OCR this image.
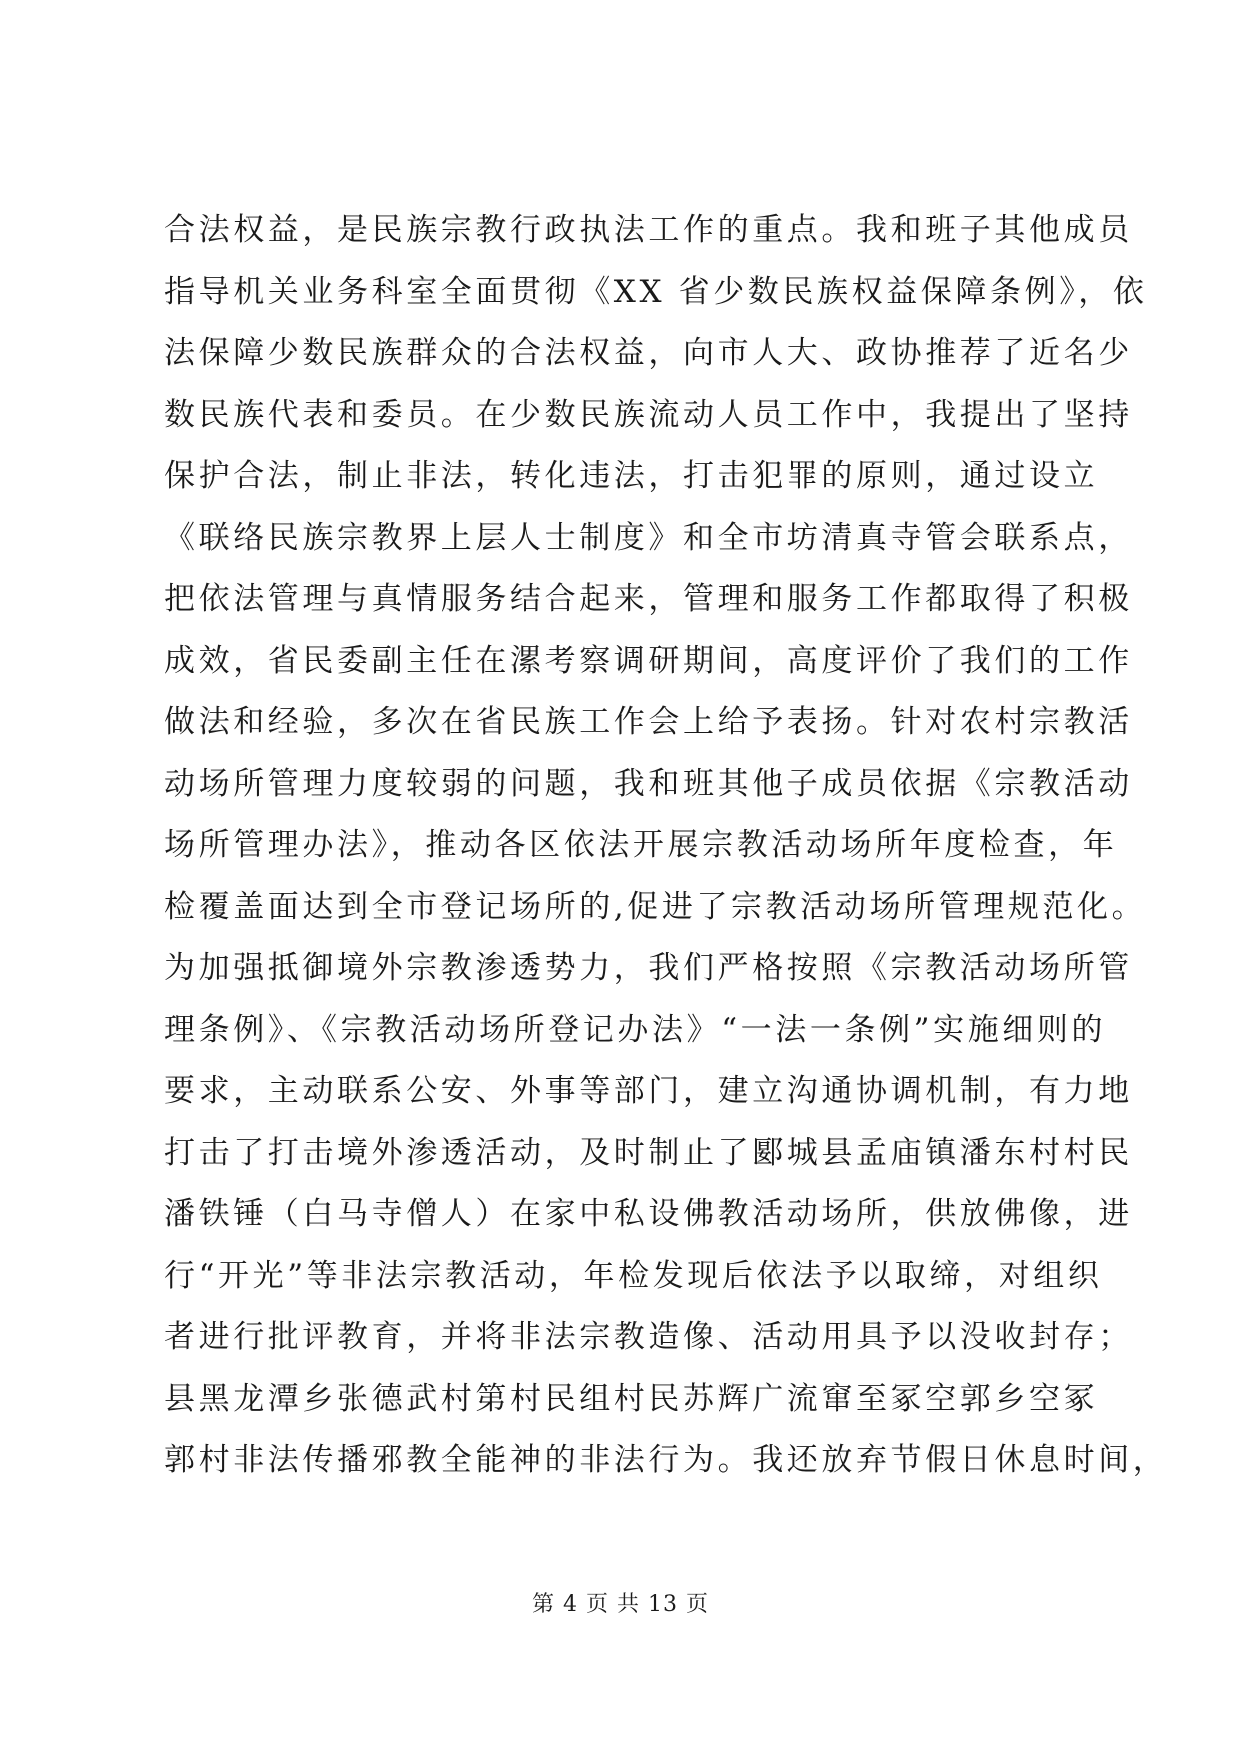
合法权益，是民族宗教行政执法工作的重点。我和班子其他成员
指导机关业务科室全面贯彻《XX 省少数民族权益保障条例》，依
法保障少数民族群众的合法权益，向市人大、政协推荐了近名少
数民族代表和委员。在少数民族流动人员工作中，我提出了坚持
保护合法，制止非法，转化违法，打击犯罪的原则，通过设立
《联络民族宗教界上层人士制度》和全市坊清真寺管会联系点，
把依法管理与真情服务结合起来，管理和服务工作都取得了积极
成效，省民委副主任在漯考察调研期间，高度评价了我们的工作
做法和经验，多次在省民族工作会上给予表扬。针对农村宗教活
动场所管理力度较弱的问题，我和班其他子成员依据《宗教活动
场所管理办法》，推动各区依法开展宗教活动场所年度检查，年
检覆盖面达到全市登记场所的,促进了宗教活动场所管理规范化。
为加强抵御境外宗教渗透势力，我们严格按照《宗教活动场所管
理条例》、《宗教活动场所登记办法》“一法一条例”实施细则的
要求，主动联系公安、外事等部门，建立沟通协调机制，有力地
打击了打击境外渗透活动，及时制止了郾城县孟庙镇潘东村村民
潘铁锤（白马寺僧人）在家中私设佛教活动场所，供放佛像，进
行“开光”等非法宗教活动，年检发现后依法予以取缔，对组织
者进行批评教育，并将非法宗教造像、活动用具予以没收封存；
县黑龙潭乡张德武村第村民组村民苏辉广流窜至冢空郭乡空冢
郭村非法传播邪教全能神的非法行为。我还放弃节假日休息时间，
第 4 页 共 13 页
